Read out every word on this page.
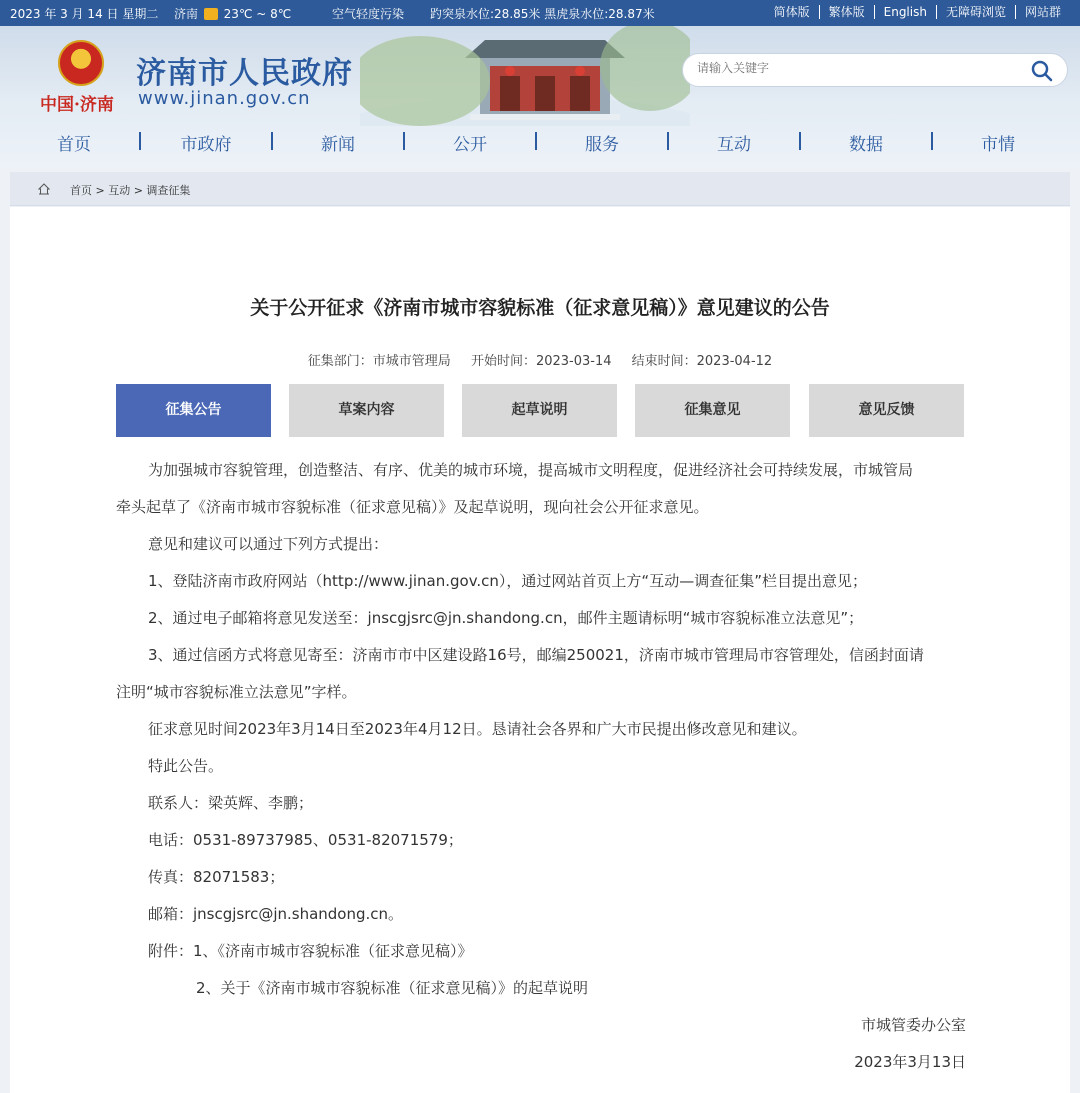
2023 年 3 月 14 日 星期二 济南 23℃ ~ 8℃	空气轻度污染 趵突泉水位:28.85米 黑虎泉水位:28.87米	简体版	繁体版	English	无障碍浏览	网站群
中国·济南
济南市人民政府
www.jinan.gov.cn
请输入关键字
首页	市政府	新闻	公开	服务	互动	数据	市情
首页 > 互动 > 调查征集
关于公开征求《济南市城市容貌标准（征求意见稿）》意见建议的公告
征集部门：市城市管理局 开始时间：2023-03-14 结束时间：2023-04-12
征集公告	草案内容	起草说明	征集意见	意见反馈
为加强城市容貌管理，创造整洁、有序、优美的城市环境，提高城市文明程度，促进经济社会可持续发展，市城管局
牵头起草了《济南市城市容貌标准（征求意见稿）》及起草说明，现向社会公开征求意见。
意见和建议可以通过下列方式提出：
1、登陆济南市政府网站（http://www.jinan.gov.cn），通过网站首页上方“互动—调查征集”栏目提出意见；
2、通过电子邮箱将意见发送至：jnscgjsrc@jn.shandong.cn，邮件主题请标明“城市容貌标准立法意见”；
3、通过信函方式将意见寄至：济南市市中区建设路16号，邮编250021，济南市城市管理局市容管理处，信函封面请
注明“城市容貌标准立法意见”字样。
征求意见时间2023年3月14日至2023年4月12日。恳请社会各界和广大市民提出修改意见和建议。
特此公告。
联系人：梁英辉、李鹏；
电话：0531-89737985、0531-82071579；
传真：82071583；
邮箱：jnscgjsrc@jn.shandong.cn。
附件：1、《济南市城市容貌标准（征求意见稿）》
2、关于《济南市城市容貌标准（征求意见稿）》的起草说明
市城管委办公室
2023年3月13日
